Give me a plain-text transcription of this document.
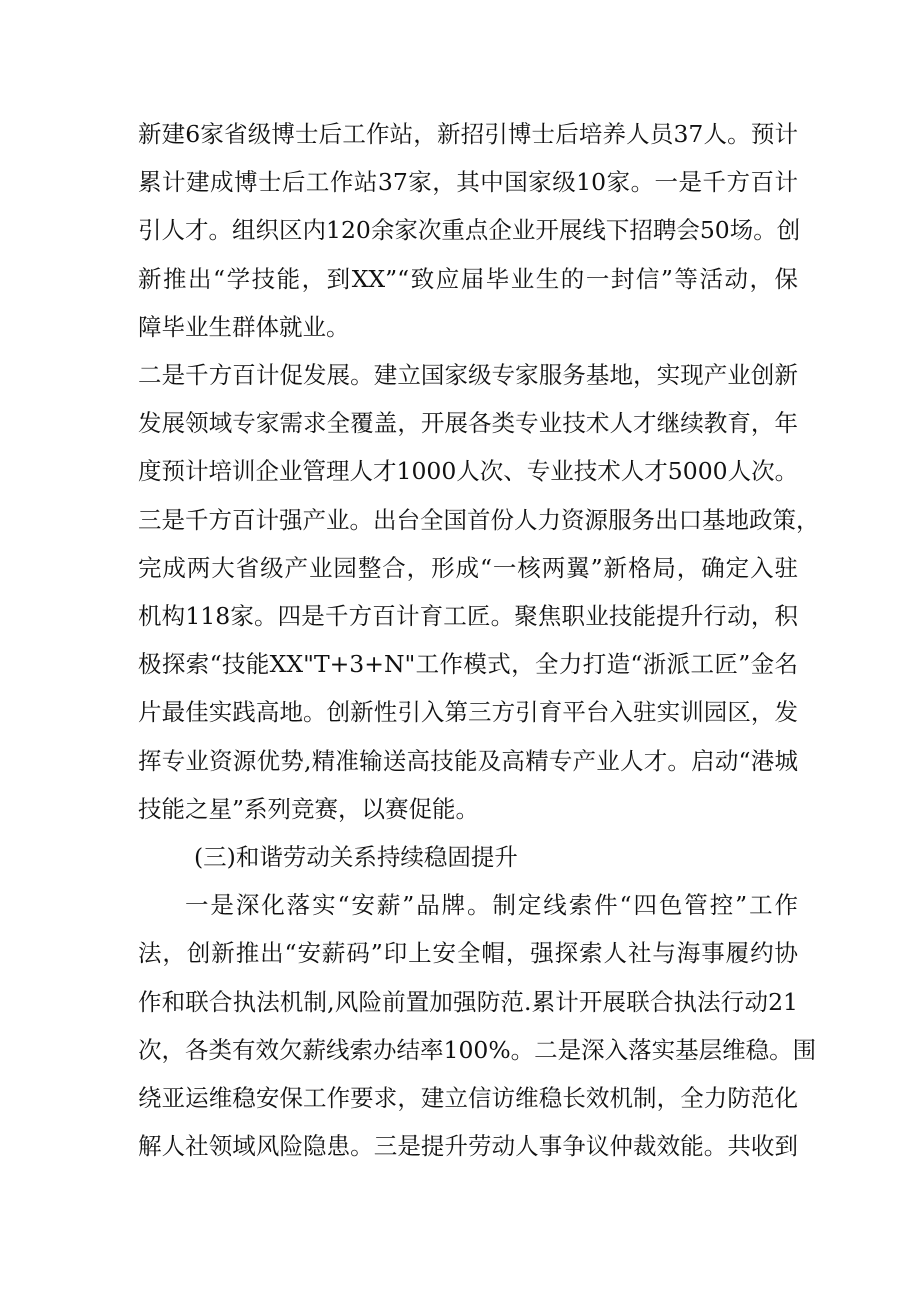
新建6家省级博士后工作站，新招引博士后培养人员37人。预计
累计建成博士后工作站37家，其中国家级10家。一是千方百计
引人才。组织区内120余家次重点企业开展线下招聘会50场。创
新推出“学技能，到XX”“致应届毕业生的一封信”等活动，保
障毕业生群体就业。
二是千方百计促发展。建立国家级专家服务基地，实现产业创新
发展领域专家需求全覆盖，开展各类专业技术人才继续教育，年
度预计培训企业管理人才1000人次、专业技术人才5000人次。
三是千方百计强产业。出台全国首份人力资源服务出口基地政策，
完成两大省级产业园整合，形成“一核两翼”新格局，确定入驻
机构118家。四是千方百计育工匠。聚焦职业技能提升行动，积
极探索“技能XX"T+3+N"工作模式，全力打造“浙派工匠”金名
片最佳实践高地。创新性引入第三方引育平台入驻实训园区，发
挥专业资源优势,精准输送高技能及高精专产业人才。启动“港城
技能之星”系列竞赛，以赛促能。
(三)和谐劳动关系持续稳固提升
一是深化落实“安薪”品牌。制定线索件“四色管控”工作
法，创新推出“安薪码”印上安全帽，强探索人社与海事履约协
作和联合执法机制,风险前置加强防范.累计开展联合执法行动21
次，各类有效欠薪线索办结率100%。二是深入落实基层维稳。围
绕亚运维稳安保工作要求，建立信访维稳长效机制，全力防范化
解人社领域风险隐患。三是提升劳动人事争议仲裁效能。共收到
